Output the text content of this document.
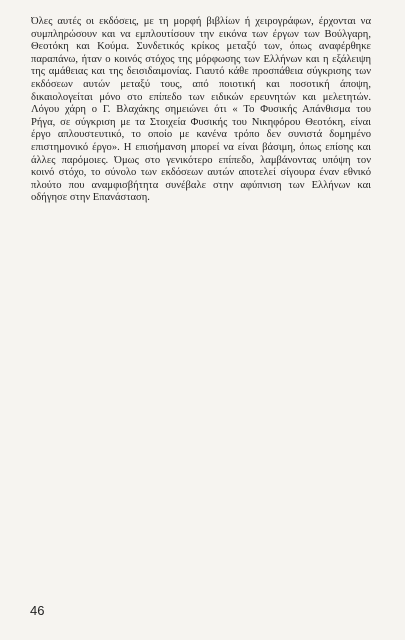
Όλες αυτές οι εκδόσεις, με τη μορφή βιβλίων ή χειρογράφων, έρχονται να
συμπληρώσουν και να εμπλουτίσουν την εικόνα των έργων των Βούλγαρη,
Θεοτόκη και Κούμα. Συνδετικός κρίκος μεταξύ των, όπως αναφέρθηκε
παραπάνω, ήταν ο κοινός στόχος της μόρφωσης των Ελλήνων και η εξάλειψη
της αμάθειας και της δεισιδαιμονίας. Γιαυτό κάθε προσπάθεια σύγκρισης των
εκδόσεων αυτών μεταξύ τους, από ποιοτική και ποσοτική άποψη,
δικαιολογείται μόνο στο επίπεδο των ειδικών ερευνητών και μελετητών.
Λόγου χάρη ο Γ. Βλαχάκης σημειώνει ότι « Το Φυσικής Απάνθισμα του
Ρήγα, σε σύγκριση με τα Στοιχεία Φυσικής του Νικηφόρου Θεοτόκη, είναι
έργο απλουστευτικό, το οποίο με κανένα τρόπο δεν συνιστά δομημένο
επιστημονικό έργο». Η επισήμανση μπορεί να είναι βάσιμη, όπως επίσης και
άλλες παρόμοιες. Όμως στο γενικότερο επίπεδο, λαμβάνοντας υπόψη τον
κοινό στόχο, το σύνολο των εκδόσεων αυτών αποτελεί σίγουρα έναν εθνικό
πλούτο που αναμφισβήτητα συνέβαλε στην αφύπνιση των Ελλήνων και
οδήγησε στην Επανάσταση.
46
